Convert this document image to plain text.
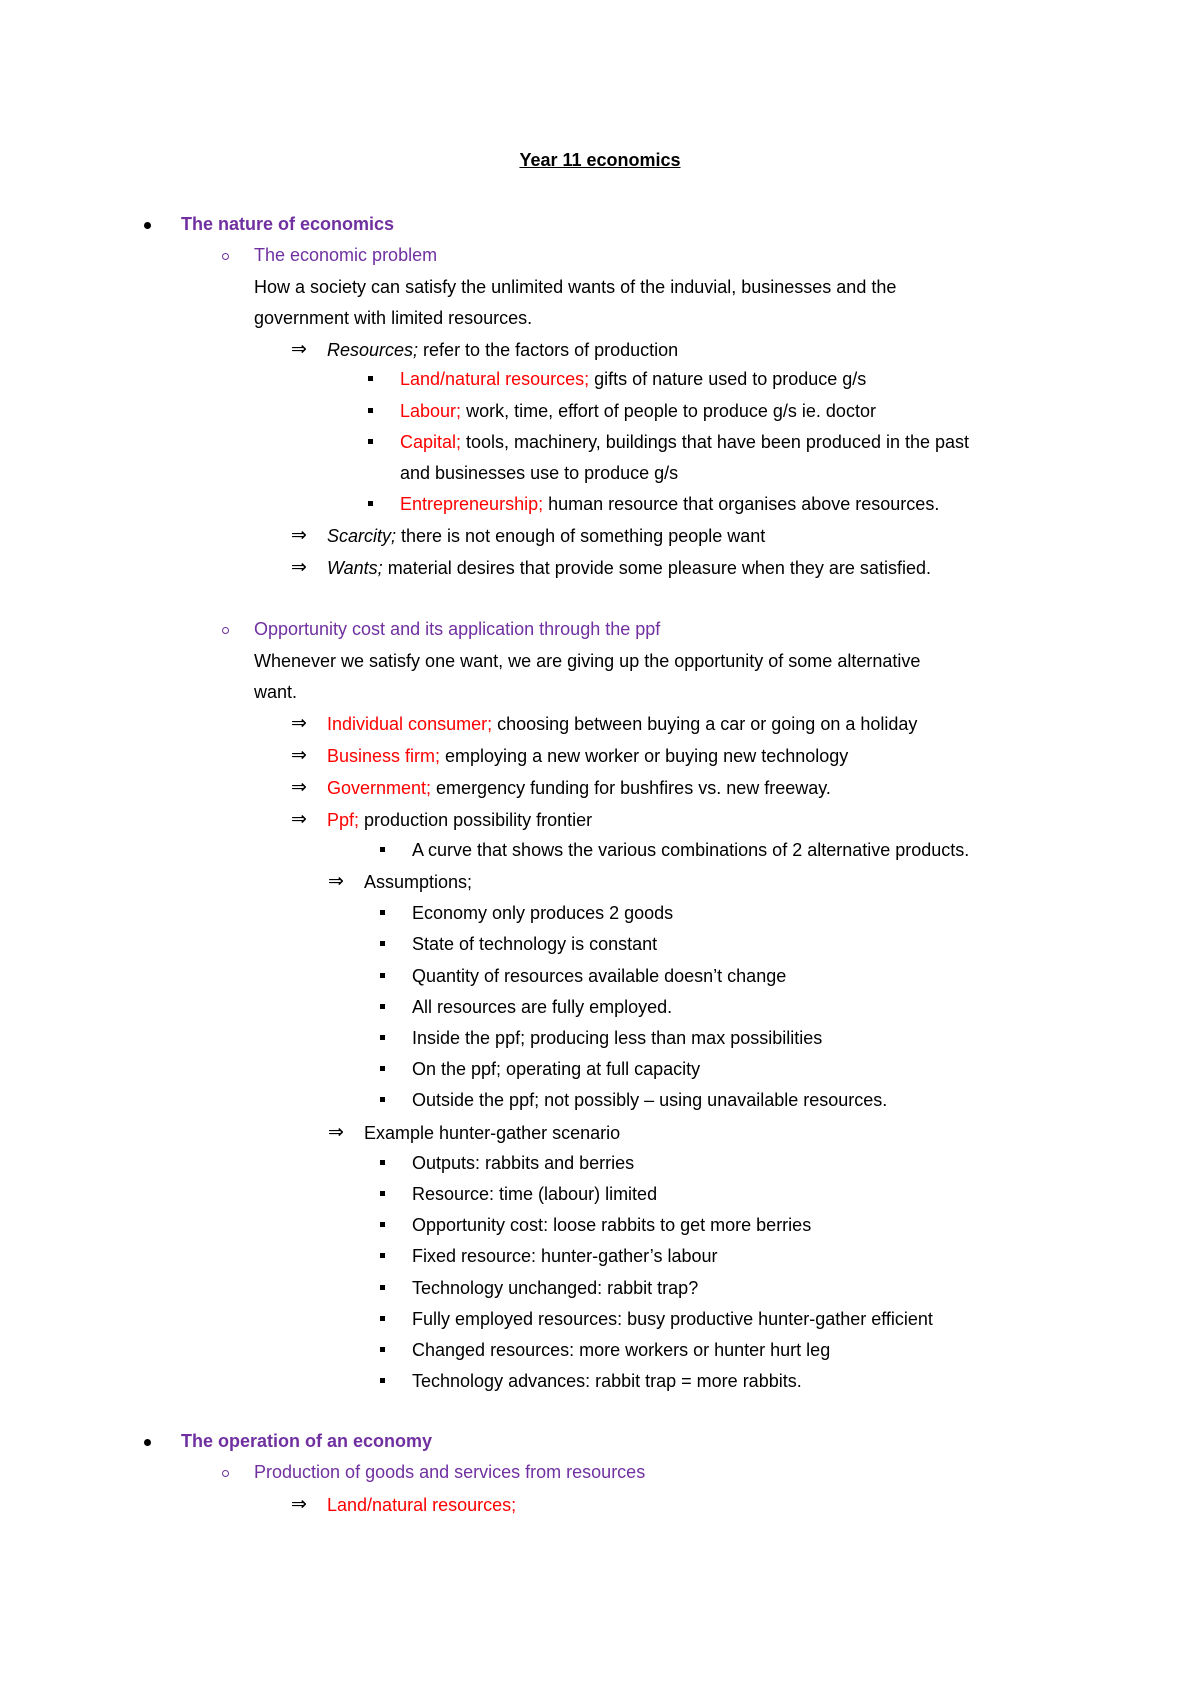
Year 11 economics
The nature of economics
The economic problem
How a society can satisfy the unlimited wants of the induvial, businesses and the
government with limited resources.
⇒ Resources; refer to the factors of production
Land/natural resources; gifts of nature used to produce g/s
Labour; work, time, effort of people to produce g/s ie. doctor
Capital; tools, machinery, buildings that have been produced in the past
and businesses use to produce g/s
Entrepreneurship; human resource that organises above resources.
⇒ Scarcity; there is not enough of something people want
⇒ Wants; material desires that provide some pleasure when they are satisfied.
Opportunity cost and its application through the ppf
Whenever we satisfy one want, we are giving up the opportunity of some alternative
want.
⇒ Individual consumer; choosing between buying a car or going on a holiday
⇒ Business firm; employing a new worker or buying new technology
⇒ Government; emergency funding for bushfires vs. new freeway.
⇒ Ppf; production possibility frontier
A curve that shows the various combinations of 2 alternative products.
⇒ Assumptions;
Economy only produces 2 goods
State of technology is constant
Quantity of resources available doesn’t change
All resources are fully employed.
Inside the ppf; producing less than max possibilities
On the ppf; operating at full capacity
Outside the ppf; not possibly – using unavailable resources.
⇒ Example hunter-gather scenario
Outputs: rabbits and berries
Resource: time (labour) limited
Opportunity cost: loose rabbits to get more berries
Fixed resource: hunter-gather’s labour
Technology unchanged: rabbit trap?
Fully employed resources: busy productive hunter-gather efficient
Changed resources: more workers or hunter hurt leg
Technology advances: rabbit trap = more rabbits.
The operation of an economy
Production of goods and services from resources
⇒ Land/natural resources;
